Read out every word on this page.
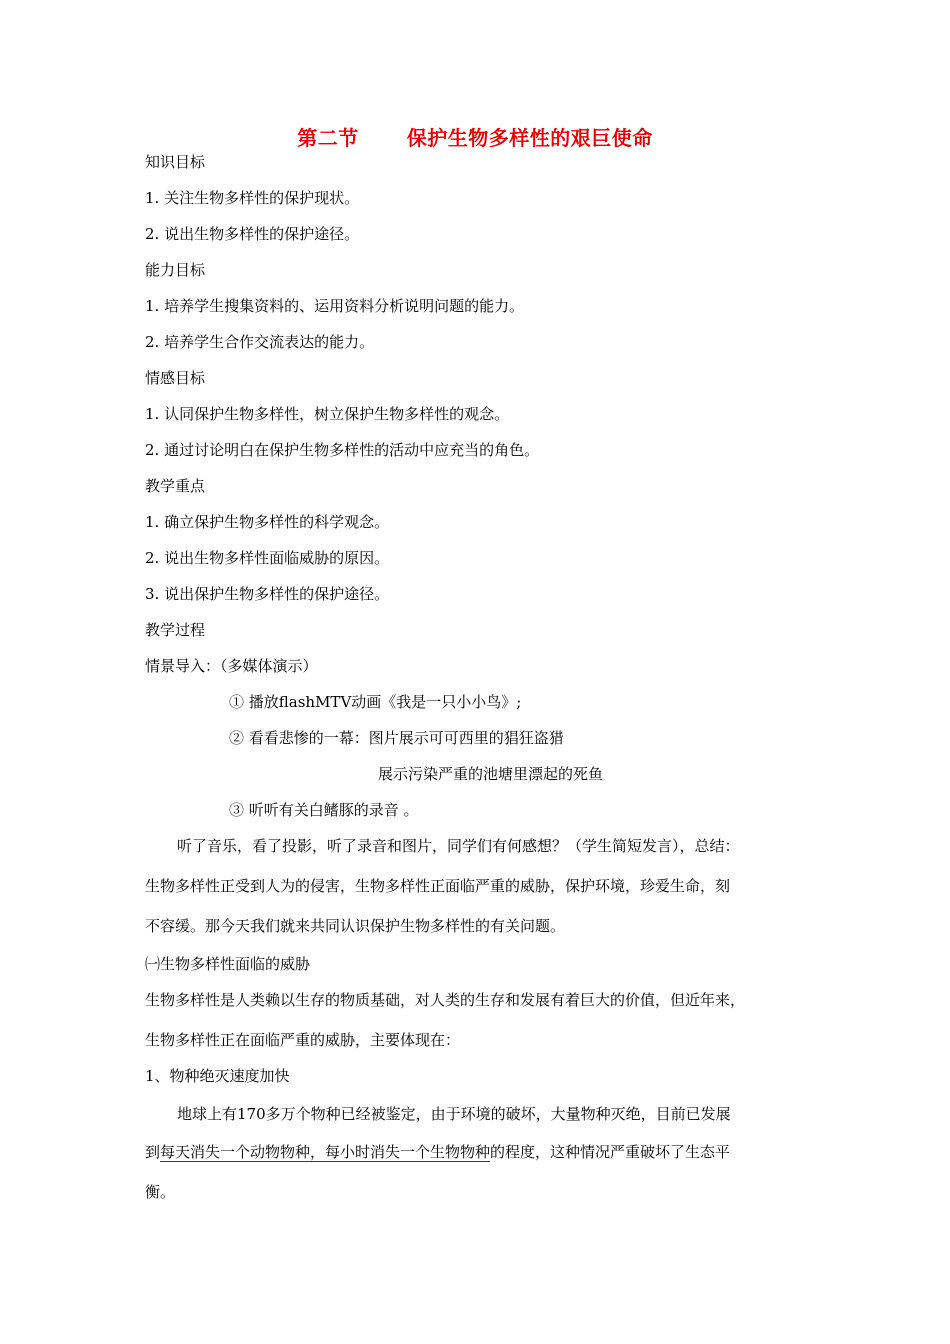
第二节 保护生物多样性的艰巨使命
知识目标
1. 关注生物多样性的保护现状。
2. 说出生物多样性的保护途径。
能力目标
1. 培养学生搜集资料的、运用资料分析说明问题的能力。
2. 培养学生合作交流表达的能力。
情感目标
1. 认同保护生物多样性，树立保护生物多样性的观念。
2. 通过讨论明白在保护生物多样性的活动中应充当的角色。
教学重点
1. 确立保护生物多样性的科学观念。
2. 说出生物多样性面临威胁的原因。
3. 说出保护生物多样性的保护途径。
教学过程
情景导入：（多媒体演示）
① 播放flashMTV动画《我是一只小小鸟》;
② 看看悲惨的一幕：图片展示可可西里的猖狂盗猎
展示污染严重的池塘里漂起的死鱼
③ 听听有关白鳍豚的录音 。
听了音乐，看了投影，听了录音和图片，同学们有何感想？（学生简短发言），总结：
生物多样性正受到人为的侵害，生物多样性正面临严重的威胁，保护环境，珍爱生命，刻
不容缓。那今天我们就来共同认识保护生物多样性的有关问题。
㈠生物多样性面临的威胁
生物多样性是人类赖以生存的物质基础，对人类的生存和发展有着巨大的价值，但近年来，
生物多样性正在面临严重的威胁，主要体现在：
1、物种绝灭速度加快
地球上有170多万个物种已经被鉴定，由于环境的破坏，大量物种灭绝，目前已发展
到每天消失一个动物物种，每小时消失一个生物物种的程度，这种情况严重破坏了生态平
衡。
